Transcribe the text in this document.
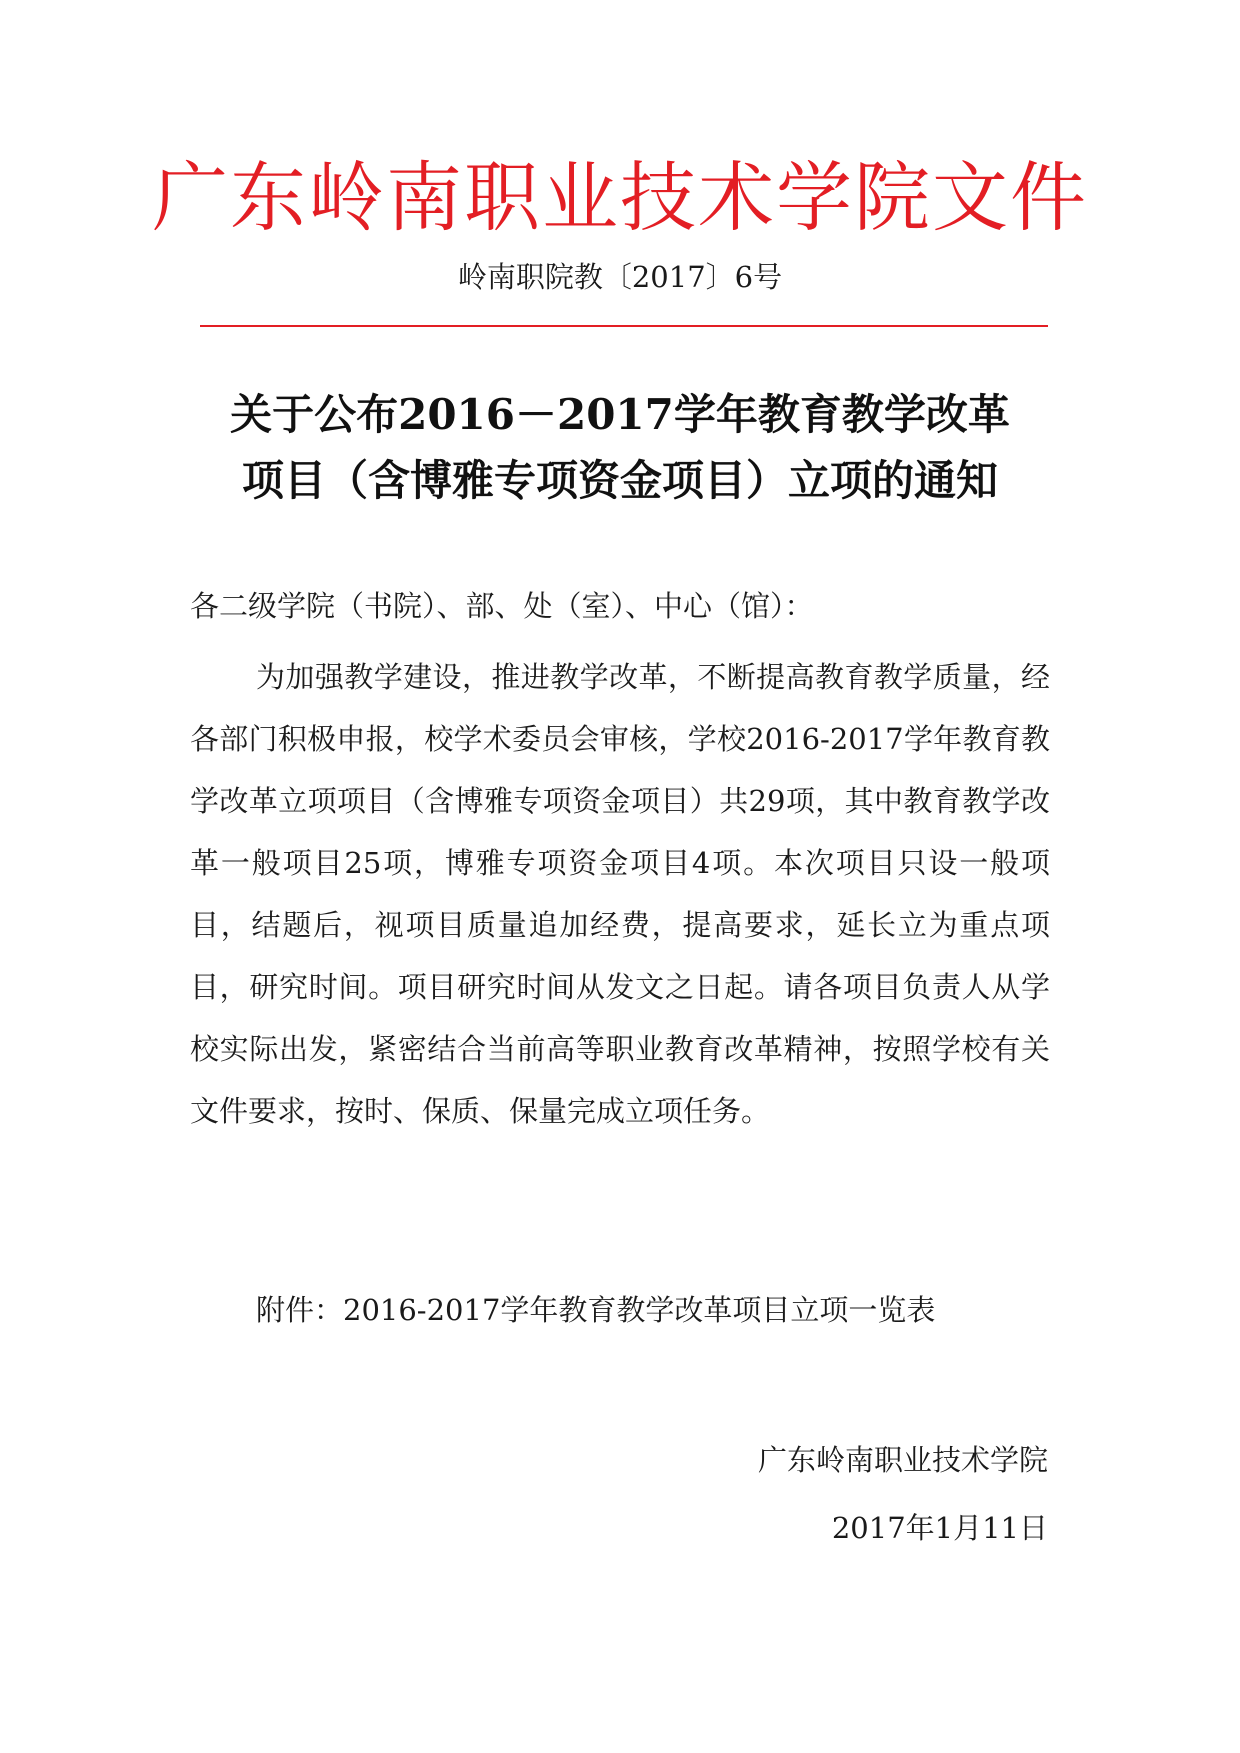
广东岭南职业技术学院文件
岭南职院教〔2017〕6号
关于公布2016－2017学年教育教学改革
项目（含博雅专项资金项目）立项的通知
各二级学院（书院）、部、处（室）、中心（馆）：
为加强教学建设，推进教学改革，不断提高教育教学质量，经各部门积极申报，校学术委员会审核，学校2016-2017学年教育教学改革立项项目（含博雅专项资金项目）共29项，其中教育教学改革一般项目25项，博雅专项资金项目4项。本次项目只设一般项目，结题后，视项目质量追加经费，提高要求，延长立为重点项目，研究时间。项目研究时间从发文之日起。请各项目负责人从学校实际出发，紧密结合当前高等职业教育改革精神，按照学校有关文件要求，按时、保质、保量完成立项任务。
附件：2016-2017学年教育教学改革项目立项一览表
广东岭南职业技术学院
2017年1月11日
